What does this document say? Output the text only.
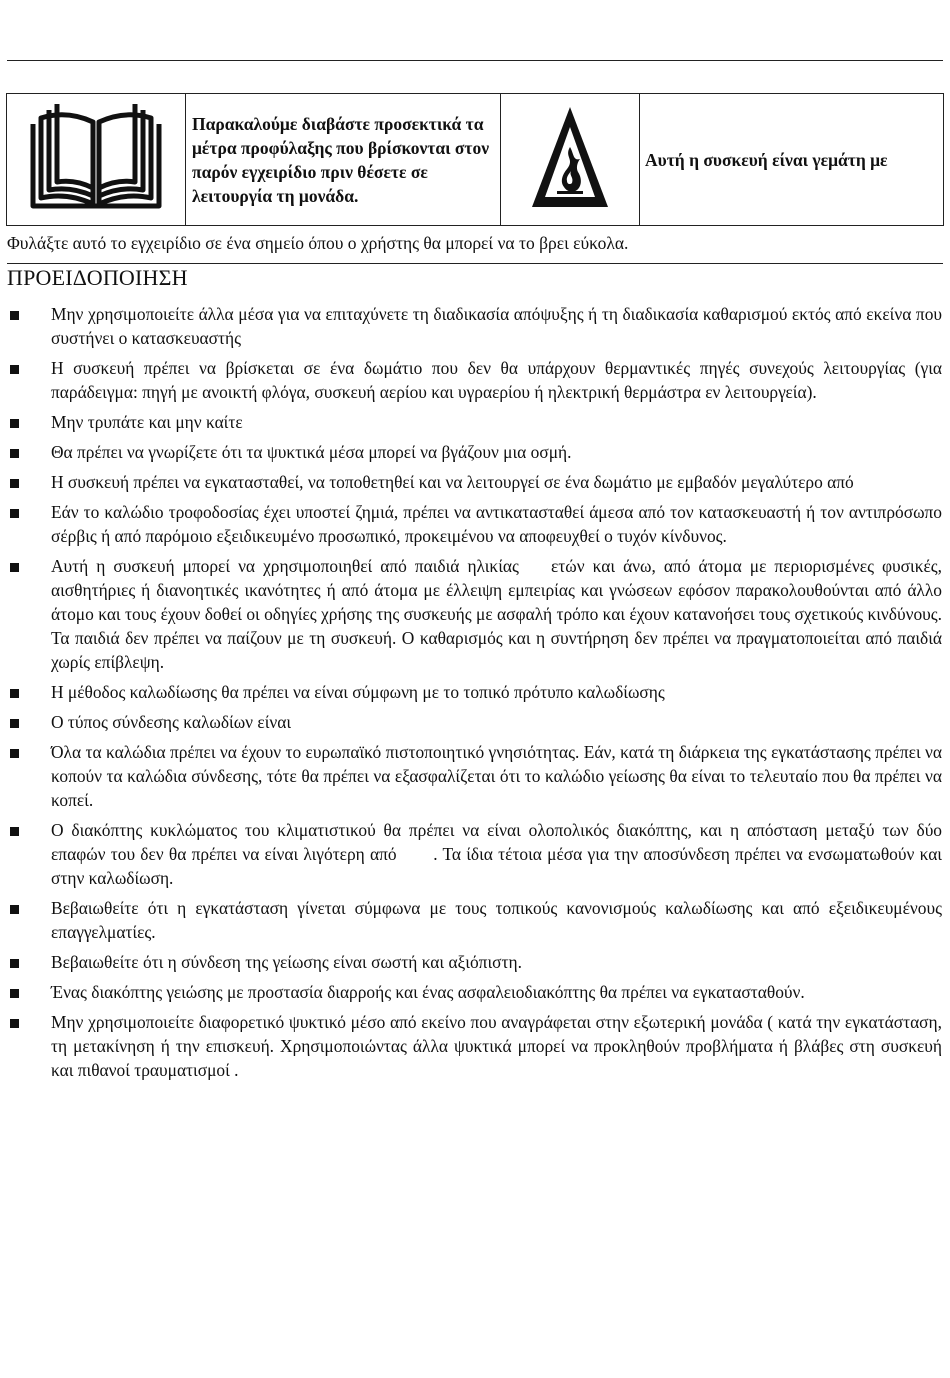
Παρακαλούμε διαβάστε προσεκτικά τα μέτρα προφύλαξης που βρίσκονται στον παρόν εγχειρίδιο πριν θέσετε σε λειτουργία τη μονάδα.

Αυτή η συσκευή είναι γεμάτη με
Φυλάξτε αυτό το εγχειρίδιο σε ένα σημείο όπου ο χρήστης θα μπορεί να το βρει εύκολα.
ΠΡΟΕΙΔΟΠΟΙΗΣΗ
Μην χρησιμοποιείτε άλλα μέσα για να επιταχύνετε τη διαδικασία απόψυξης ή τη διαδικασία καθαρισμού εκτός από εκείνα που συστήνει ο κατασκευαστής
Η συσκευή πρέπει να βρίσκεται σε ένα δωμάτιο που δεν θα υπάρχουν θερμαντικές πηγές συνεχούς λειτουργίας (για παράδειγμα: πηγή με ανοικτή φλόγα, συσκευή αερίου και υγραερίου ή ηλεκτρική θερμάστρα εν λειτουργεία).
Μην τρυπάτε και μην καίτε
Θα πρέπει να γνωρίζετε ότι τα ψυκτικά μέσα μπορεί να βγάζουν μια οσμή.
Η συσκευή πρέπει να εγκατασταθεί, να τοποθετηθεί και να λειτουργεί σε ένα δωμάτιο με εμβαδόν μεγαλύτερο από
Εάν το καλώδιο τροφοδοσίας έχει υποστεί ζημιά, πρέπει να αντικατασταθεί άμεσα από τον κατασκευαστή ή τον αντιπρόσωπο σέρβις ή από παρόμοιο εξειδικευμένο προσωπικό, προκειμένου να αποφευχθεί ο τυχόν κίνδυνος.
Αυτή η συσκευή μπορεί να χρησιμοποιηθεί από παιδιά ηλικίας    ετών και άνω, από άτομα με περιορισμένες φυσικές, αισθητήριες ή διανοητικές ικανότητες ή από άτομα με έλλειψη εμπειρίας και γνώσεων εφόσον παρακολουθούνται από άλλο άτομο και τους έχουν δοθεί οι οδηγίες χρήσης της συσκευής με ασφαλή τρόπο και έχουν κατανοήσει τους σχετικούς κινδύνους. Τα παιδιά δεν πρέπει να παίζουν με τη συσκευή. Ο καθαρισμός και η συντήρηση δεν πρέπει να πραγματοποιείται από παιδιά χωρίς επίβλεψη.
Η μέθοδος καλωδίωσης θα πρέπει να είναι σύμφωνη με το τοπικό πρότυπο καλωδίωσης
Ο τύπος σύνδεσης καλωδίων είναι
Όλα τα καλώδια πρέπει να έχουν το ευρωπαϊκό πιστοποιητικό γνησιότητας. Εάν, κατά τη διάρκεια της εγκατάστασης πρέπει να κοπούν τα καλώδια σύνδεσης, τότε θα πρέπει να εξασφαλίζεται ότι το καλώδιο γείωσης θα είναι το τελευταίο που θα πρέπει να κοπεί.
Ο διακόπτης κυκλώματος του κλιματιστικού θα πρέπει να είναι ολοπολικός διακόπτης, και η απόσταση μεταξύ των δύο επαφών του δεν θα πρέπει να είναι λιγότερη από       . Τα ίδια τέτοια μέσα για την αποσύνδεση πρέπει να ενσωματωθούν και στην καλωδίωση.
Βεβαιωθείτε ότι η εγκατάσταση γίνεται σύμφωνα με τους τοπικούς κανονισμούς καλωδίωσης και από εξειδικευμένους επαγγελματίες.
Βεβαιωθείτε ότι η σύνδεση της γείωσης είναι σωστή και αξιόπιστη.
Ένας διακόπτης γειώσης με προστασία διαρροής και ένας ασφαλειοδιακόπτης θα πρέπει να εγκατασταθούν.
Μην χρησιμοποιείτε διαφορετικό ψυκτικό μέσο από εκείνο που αναγράφεται στην εξωτερική μονάδα ( κατά την εγκατάσταση, τη μετακίνηση ή την επισκευή. Χρησιμοποιώντας άλλα ψυκτικά μπορεί να προκληθούν προβλήματα ή βλάβες στη συσκευή και πιθανοί τραυματισμοί .
